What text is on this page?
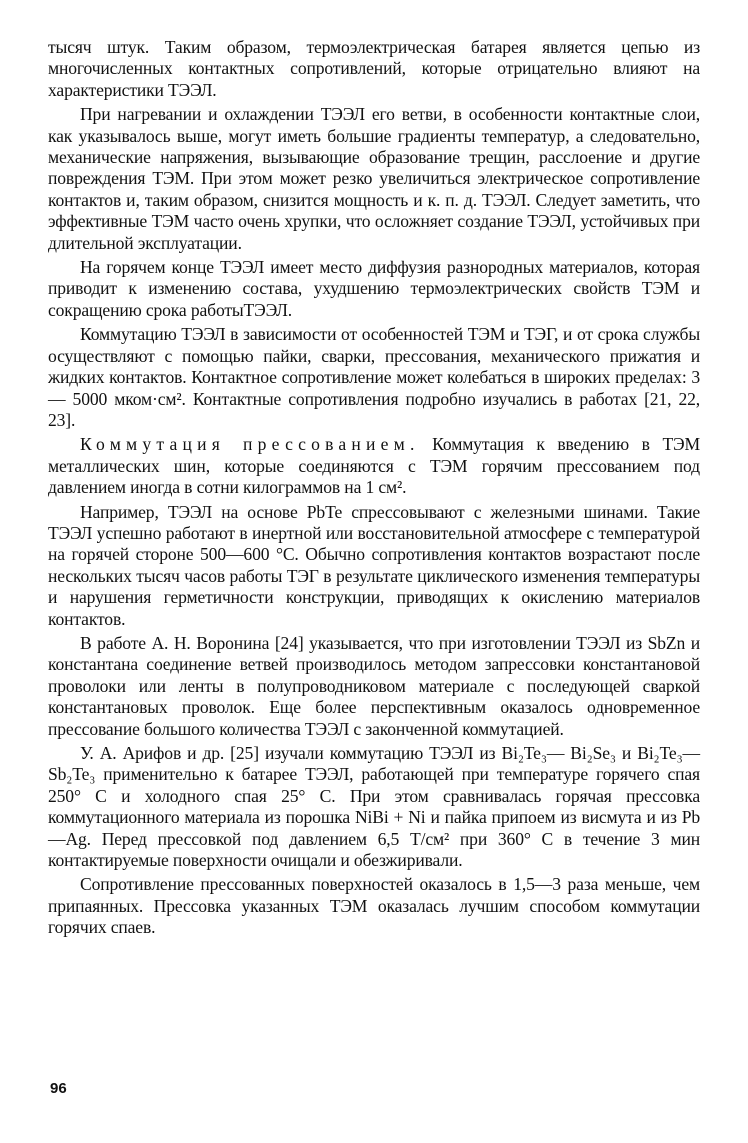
тысяч штук. Таким образом, термоэлектрическая батарея является цепью из многочисленных контактных сопротивлений, которые отрицательно влияют на характеристики ТЭЭЛ.

При нагревании и охлаждении ТЭЭЛ его ветви, в особенности контактные слои, как указывалось выше, могут иметь большие градиенты температур, а следовательно, механические напряжения, вызывающие образование трещин, расслоение и другие повреждения ТЭМ. При этом может резко увеличиться электрическое сопротивление контактов и, таким образом, снизится мощность и к. п. д. ТЭЭЛ. Следует заметить, что эффективные ТЭМ часто очень хрупки, что осложняет создание ТЭЭЛ, устойчивых при длительной эксплуатации.

На горячем конце ТЭЭЛ имеет место диффузия разнородных материалов, которая приводит к изменению состава, ухудшению термоэлектрических свойств ТЭМ и сокращению срока работыТЭЭЛ.

Коммутацию ТЭЭЛ в зависимости от особенностей ТЭМ и ТЭГ, и от срока службы осуществляют с помощью пайки, сварки, прессования, механического прижатия и жидких контактов. Контактное сопротивление может колебаться в широких пределах: 3 — 5000 мком·см². Контактные сопротивления подробно изучались в работах [21, 22, 23].

Коммутация прессованием. Коммутация к введению в ТЭМ металлических шин, которые соединяются с ТЭМ горячим прессованием под давлением иногда в сотни килограммов на 1 см².

Например, ТЭЭЛ на основе PbTe спрессовывают с железными шинами. Такие ТЭЭЛ успешно работают в инертной или восстановительной атмосфере с температурой на горячей стороне 500—600 °C. Обычно сопротивления контактов возрастают после нескольких тысяч часов работы ТЭГ в результате циклического изменения температуры и нарушения герметичности конструкции, приводящих к окислению материалов контактов.

В работе А. Н. Воронина [24] указывается, что при изготовлении ТЭЭЛ из SbZn и константана соединение ветвей производилось методом запрессовки константановой проволоки или ленты в полупроводниковом материале с последующей сваркой константановых проволок. Еще более перспективным оказалось одновременное прессование большого количества ТЭЭЛ с законченной коммутацией.

У. А. Арифов и др. [25] изучали коммутацию ТЭЭЛ из Bi₂Te₃— Bi₂Se₃ и Bi₂Te₃—Sb₂Te₃ применительно к батарее ТЭЭЛ, работающей при температуре горячего спая 250° С и холодного спая 25° С. При этом сравнивалась горячая прессовка коммутационного материала из порошка NiBi + Ni и пайка припоем из висмута и из Pb—Ag. Перед прессовкой под давлением 6,5 Т/см² при 360° С в течение 3 мин контактируемые поверхности очищали и обезжиривали.

Сопротивление прессованных поверхностей оказалось в 1,5—3 раза меньше, чем припаянных. Прессовка указанных ТЭМ оказалась лучшим способом коммутации горячих спаев.

96
